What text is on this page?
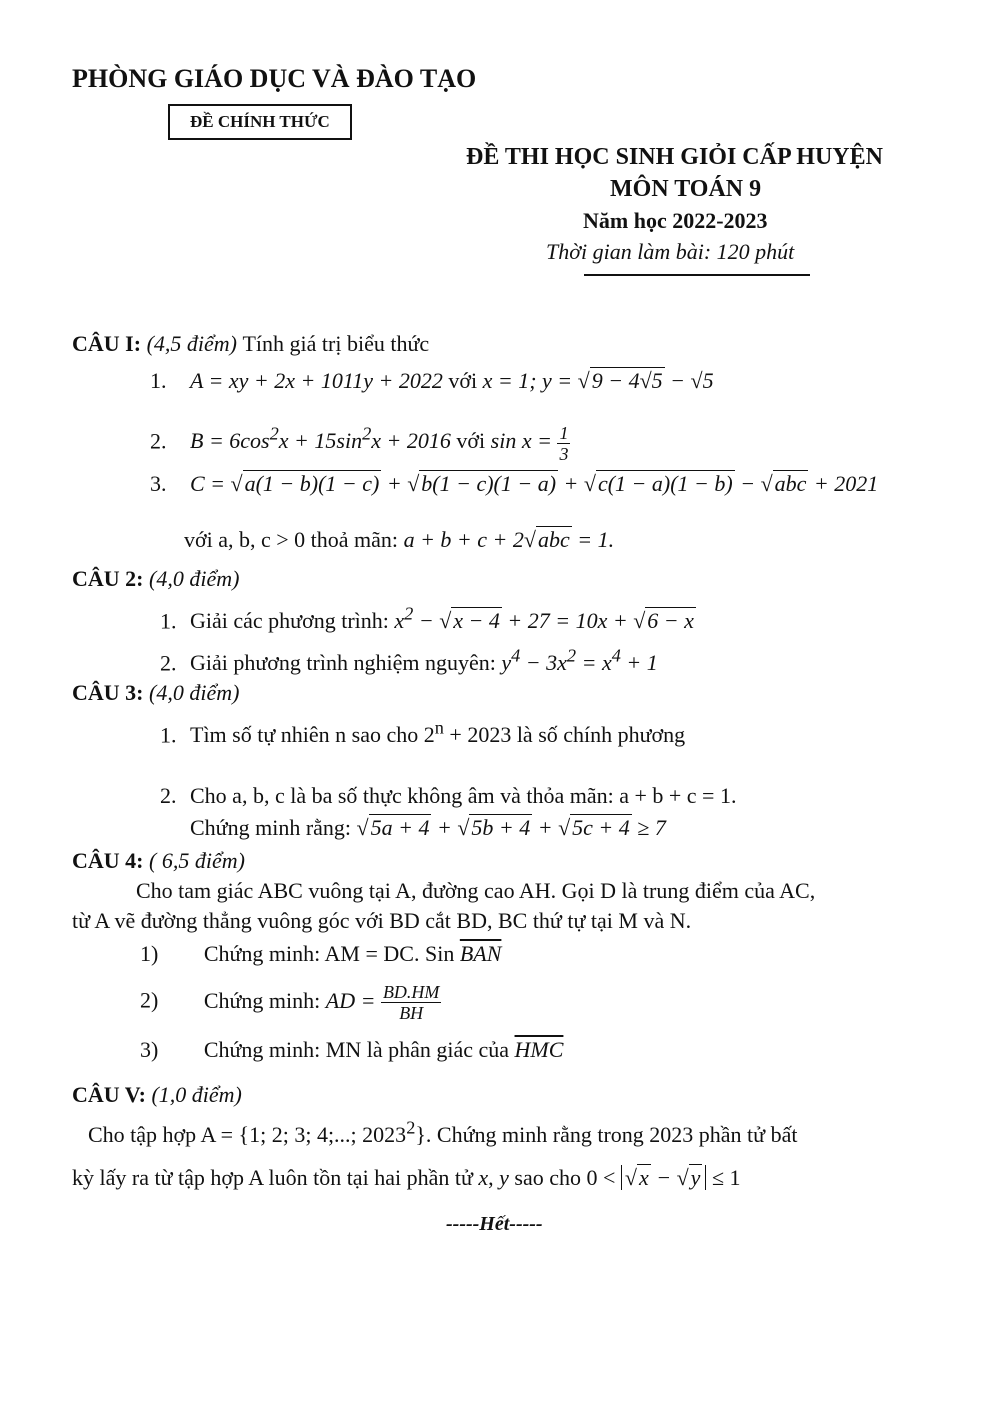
PHÒNG GIÁO DỤC VÀ ĐÀO TẠO
ĐỀ CHÍNH THỨC
ĐỀ THI HỌC SINH GIỎI CẤP HUYỆN
MÔN TOÁN 9
Năm học 2022-2023
Thời gian làm bài: 120 phút
CÂU I: (4,5 điểm) Tính giá trị biểu thức
1. A = xy + 2x + 1011y + 2022 với x = 1; y = √9 − 4√5 − √5
2. $B = 6\cos^2x + 15\sin^2x + 2016$ với $\sin x = \frac{1}{3}$
3. C = √a(1 − b)(1 − c) + √b(1 − c)(1 − a) + √c(1 − a)(1 − b) − √abc + 2021
với a, b, c > 0 thoả mãn: a + b + c + 2√abc = 1.
CÂU 2: (4,0 điểm)
1. Giải các phương trình: $x^2 - √x - 4 + 27 = 10x + √6 - x$
2. Giải phương trình nghiệm nguyên: $y^4 - 3x^2 = x^4 + 1$
CÂU 3: (4,0 điểm)
1. Tìm số tự nhiên n sao cho $2^n + 2023$ là số chính phương
2. Cho a, b, c là ba số thực không âm và thỏa mãn: a + b + c = 1.
Chứng minh rằng: √5a + 4 + √5b + 4 + √5c + 4 ≥ 7
CÂU 4: ( 6,5 điểm)
Cho tam giác ABC vuông tại A, đường cao AH. Gọi D là trung điểm của AC,
từ A vẽ đường thẳng vuông góc với BD cắt BD, BC thứ tự tại M và N.
1) Chứng minh: AM = DC. Sin $\overline{BAN}$
2) Chứng minh: AD = $\frac{BD.HM}{BH}$
3) Chứng minh: MN là phân giác của $\overline{HMC}$
CÂU V: (1,0 điểm)
Cho tập hợp A = {1; 2; 3; 4;...; 2023$^2$}. Chứng minh rằng trong 2023 phần tử bất
kỳ lấy ra từ tập hợp A luôn tồn tại hai phần tử x, y sao cho 0 < √x − √y ≤ 1
-----Hết-----
